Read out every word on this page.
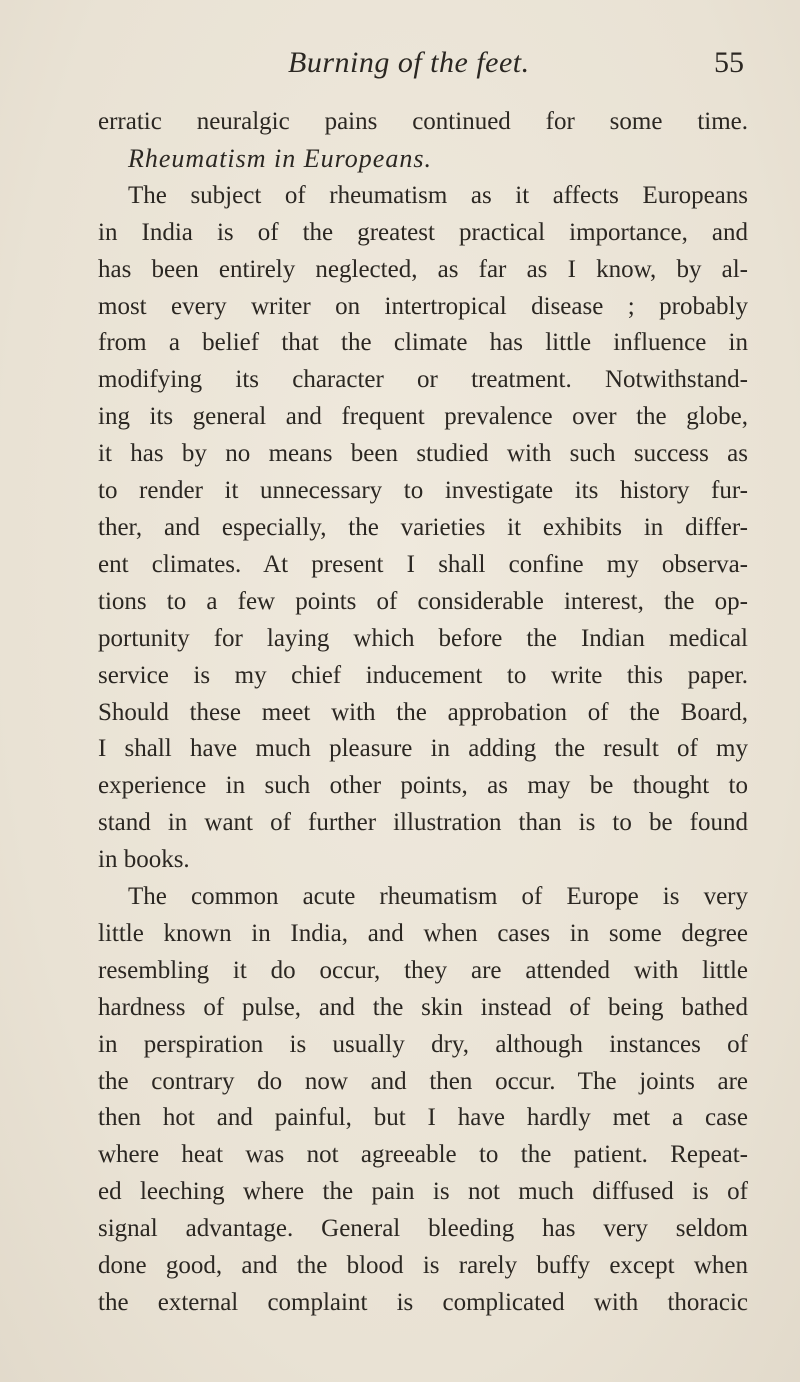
Burning of the feet.	55
erratic neuralgic pains continued for some time.
Rheumatism in Europeans.
The subject of rheumatism as it affects Europeans
in India is of the greatest practical importance, and
has been entirely neglected, as far as I know, by al-
most every writer on intertropical disease ; probably
from a belief that the climate has little influence in
modifying its character or treatment. Notwithstand-
ing its general and frequent prevalence over the globe,
it has by no means been studied with such success as
to render it unnecessary to investigate its history fur-
ther, and especially, the varieties it exhibits in differ-
ent climates. At present I shall confine my observa-
tions to a few points of considerable interest, the op-
portunity for laying which before the Indian medical
service is my chief inducement to write this paper.
Should these meet with the approbation of the Board,
I shall have much pleasure in adding the result of my
experience in such other points, as may be thought to
stand in want of further illustration than is to be found
in books.
The common acute rheumatism of Europe is very
little known in India, and when cases in some degree
resembling it do occur, they are attended with little
hardness of pulse, and the skin instead of being bathed
in perspiration is usually dry, although instances of
the contrary do now and then occur. The joints are
then hot and painful, but I have hardly met a case
where heat was not agreeable to the patient. Repeat-
ed leeching where the pain is not much diffused is of
signal advantage. General bleeding has very seldom
done good, and the blood is rarely buffy except when
the external complaint is complicated with thoracic
